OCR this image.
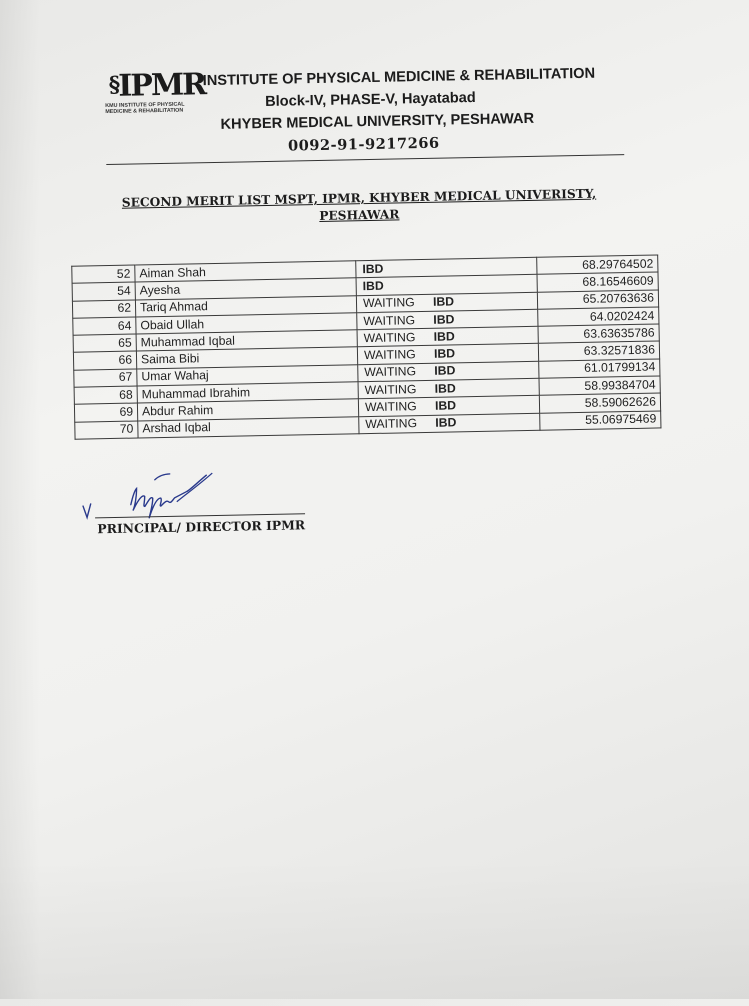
§IPMR
KMU INSTITUTE OF PHYSICAL MEDICINE & REHABILITATION
INSTITUTE OF PHYSICAL MEDICINE & REHABILITATION
Block-IV, PHASE-V, Hayatabad
KHYBER MEDICAL UNIVERSITY, PESHAWAR
0092-91-9217266
SECOND MERIT LIST MSPT, IPMR, KHYBER MEDICAL UNIVERISTY,
PESHAWAR
52	Aiman Shah	IBD	68.29764502
54	Ayesha	IBD	68.16546609
62	Tariq Ahmad	WAITING IBD	65.20763636
64	Obaid Ullah	WAITING IBD	64.0202424
65	Muhammad Iqbal	WAITING IBD	63.63635786
66	Saima Bibi	WAITING IBD	63.32571836
67	Umar Wahaj	WAITING IBD	61.01799134
68	Muhammad Ibrahim	WAITING IBD	58.99384704
69	Abdur Rahim	WAITING IBD	58.59062626
70	Arshad Iqbal	WAITING IBD	55.06975469
PRINCIPAL/ DIRECTOR IPMR
